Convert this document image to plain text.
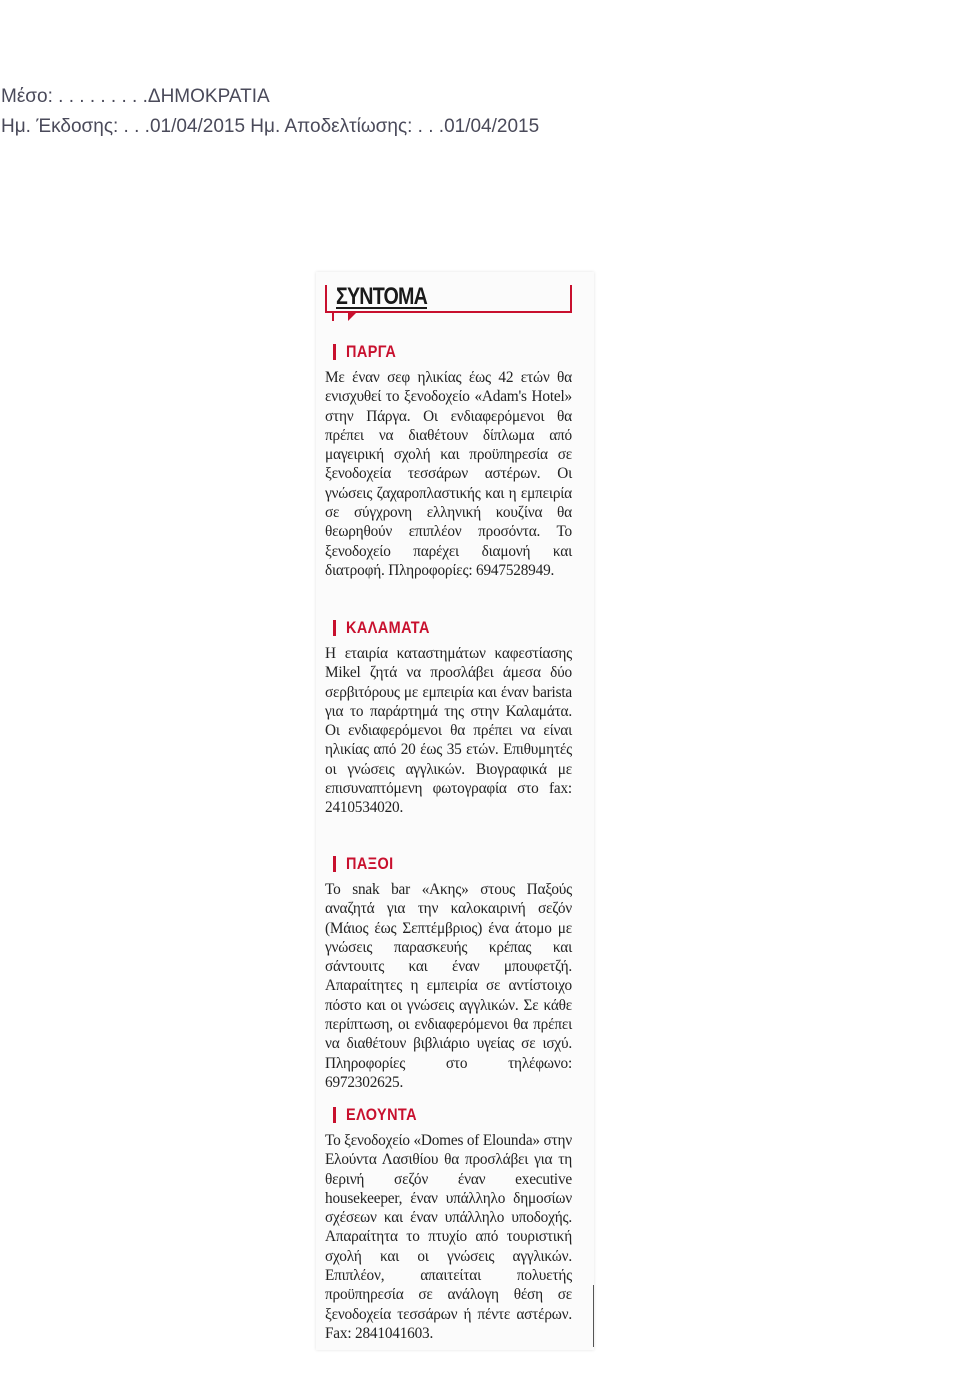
Μέσο: . . . . . . . . .ΔΗΜΟΚΡΑΤΙΑ
Ημ. Έκδοσης: . . .01/04/2015 Ημ. Αποδελτίωσης: . . .01/04/2015
ΣΥΝΤΟΜΑ
ΠΑΡΓΑ

Με έναν σεφ ηλικίας έως 42 ετών θα ενισχυθεί το ξενοδοχείο «Adam's Hotel» στην Πάργα. Οι ενδιαφερόμενοι θα πρέπει να διαθέτουν δίπλωμα από μαγειρική σχολή και προϋπηρεσία σε ξενοδοχεία τεσσάρων αστέρων. Οι γνώσεις ζαχαροπλαστικής και η εμπειρία σε σύγχρονη ελληνική κουζίνα θα θεωρηθούν επιπλέον προσόντα. Το ξενοδοχείο παρέχει διαμονή και διατροφή. Πληροφορίες: 6947528949.

ΚΑΛΑΜΑΤΑ

Η εταιρία καταστημάτων καφεστίασης Mikel ζητά να προσλάβει άμεσα δύο σερβιτόρους με εμπειρία και έναν barista για το παράρτημά της στην Καλαμάτα. Οι ενδιαφερόμενοι θα πρέπει να είναι ηλικίας από 20 έως 35 ετών. Επιθυμητές οι γνώσεις αγγλικών. Βιογραφικά με επισυναπτόμενη φωτογραφία στο fax: 2410534020.

ΠΑΞΟΙ

Το snak bar «Ακης» στους Παξούς αναζητά για την καλοκαιρινή σεζόν (Μάιος έως Σεπτέμβριος) ένα άτομο με γνώσεις παρασκευής κρέπας και σάντουιτς και έναν μπουφετζή. Απαραίτητες η εμπειρία σε αντίστοιχο πόστο και οι γνώσεις αγγλικών. Σε κάθε περίπτωση, οι ενδιαφερόμενοι θα πρέπει να διαθέτουν βιβλιάριο υγείας σε ισχύ. Πληροφορίες στο τηλέφωνο: 6972302625.

ΕΛΟΥΝΤΑ

Το ξενοδοχείο «Domes of Elounda» στην Ελούντα Λασιθίου θα προσλάβει για τη θερινή σεζόν έναν executive housekeeper, έναν υπάλληλο δημοσίων σχέσεων και έναν υπάλληλο υποδοχής. Απαραίτητα το πτυχίο από τουριστική σχολή και οι γνώσεις αγγλικών. Επιπλέον, απαιτείται πολυετής προϋπηρεσία σε ανάλογη θέση σε ξενοδοχεία τεσσάρων ή πέντε αστέρων. Fax: 2841041603.
